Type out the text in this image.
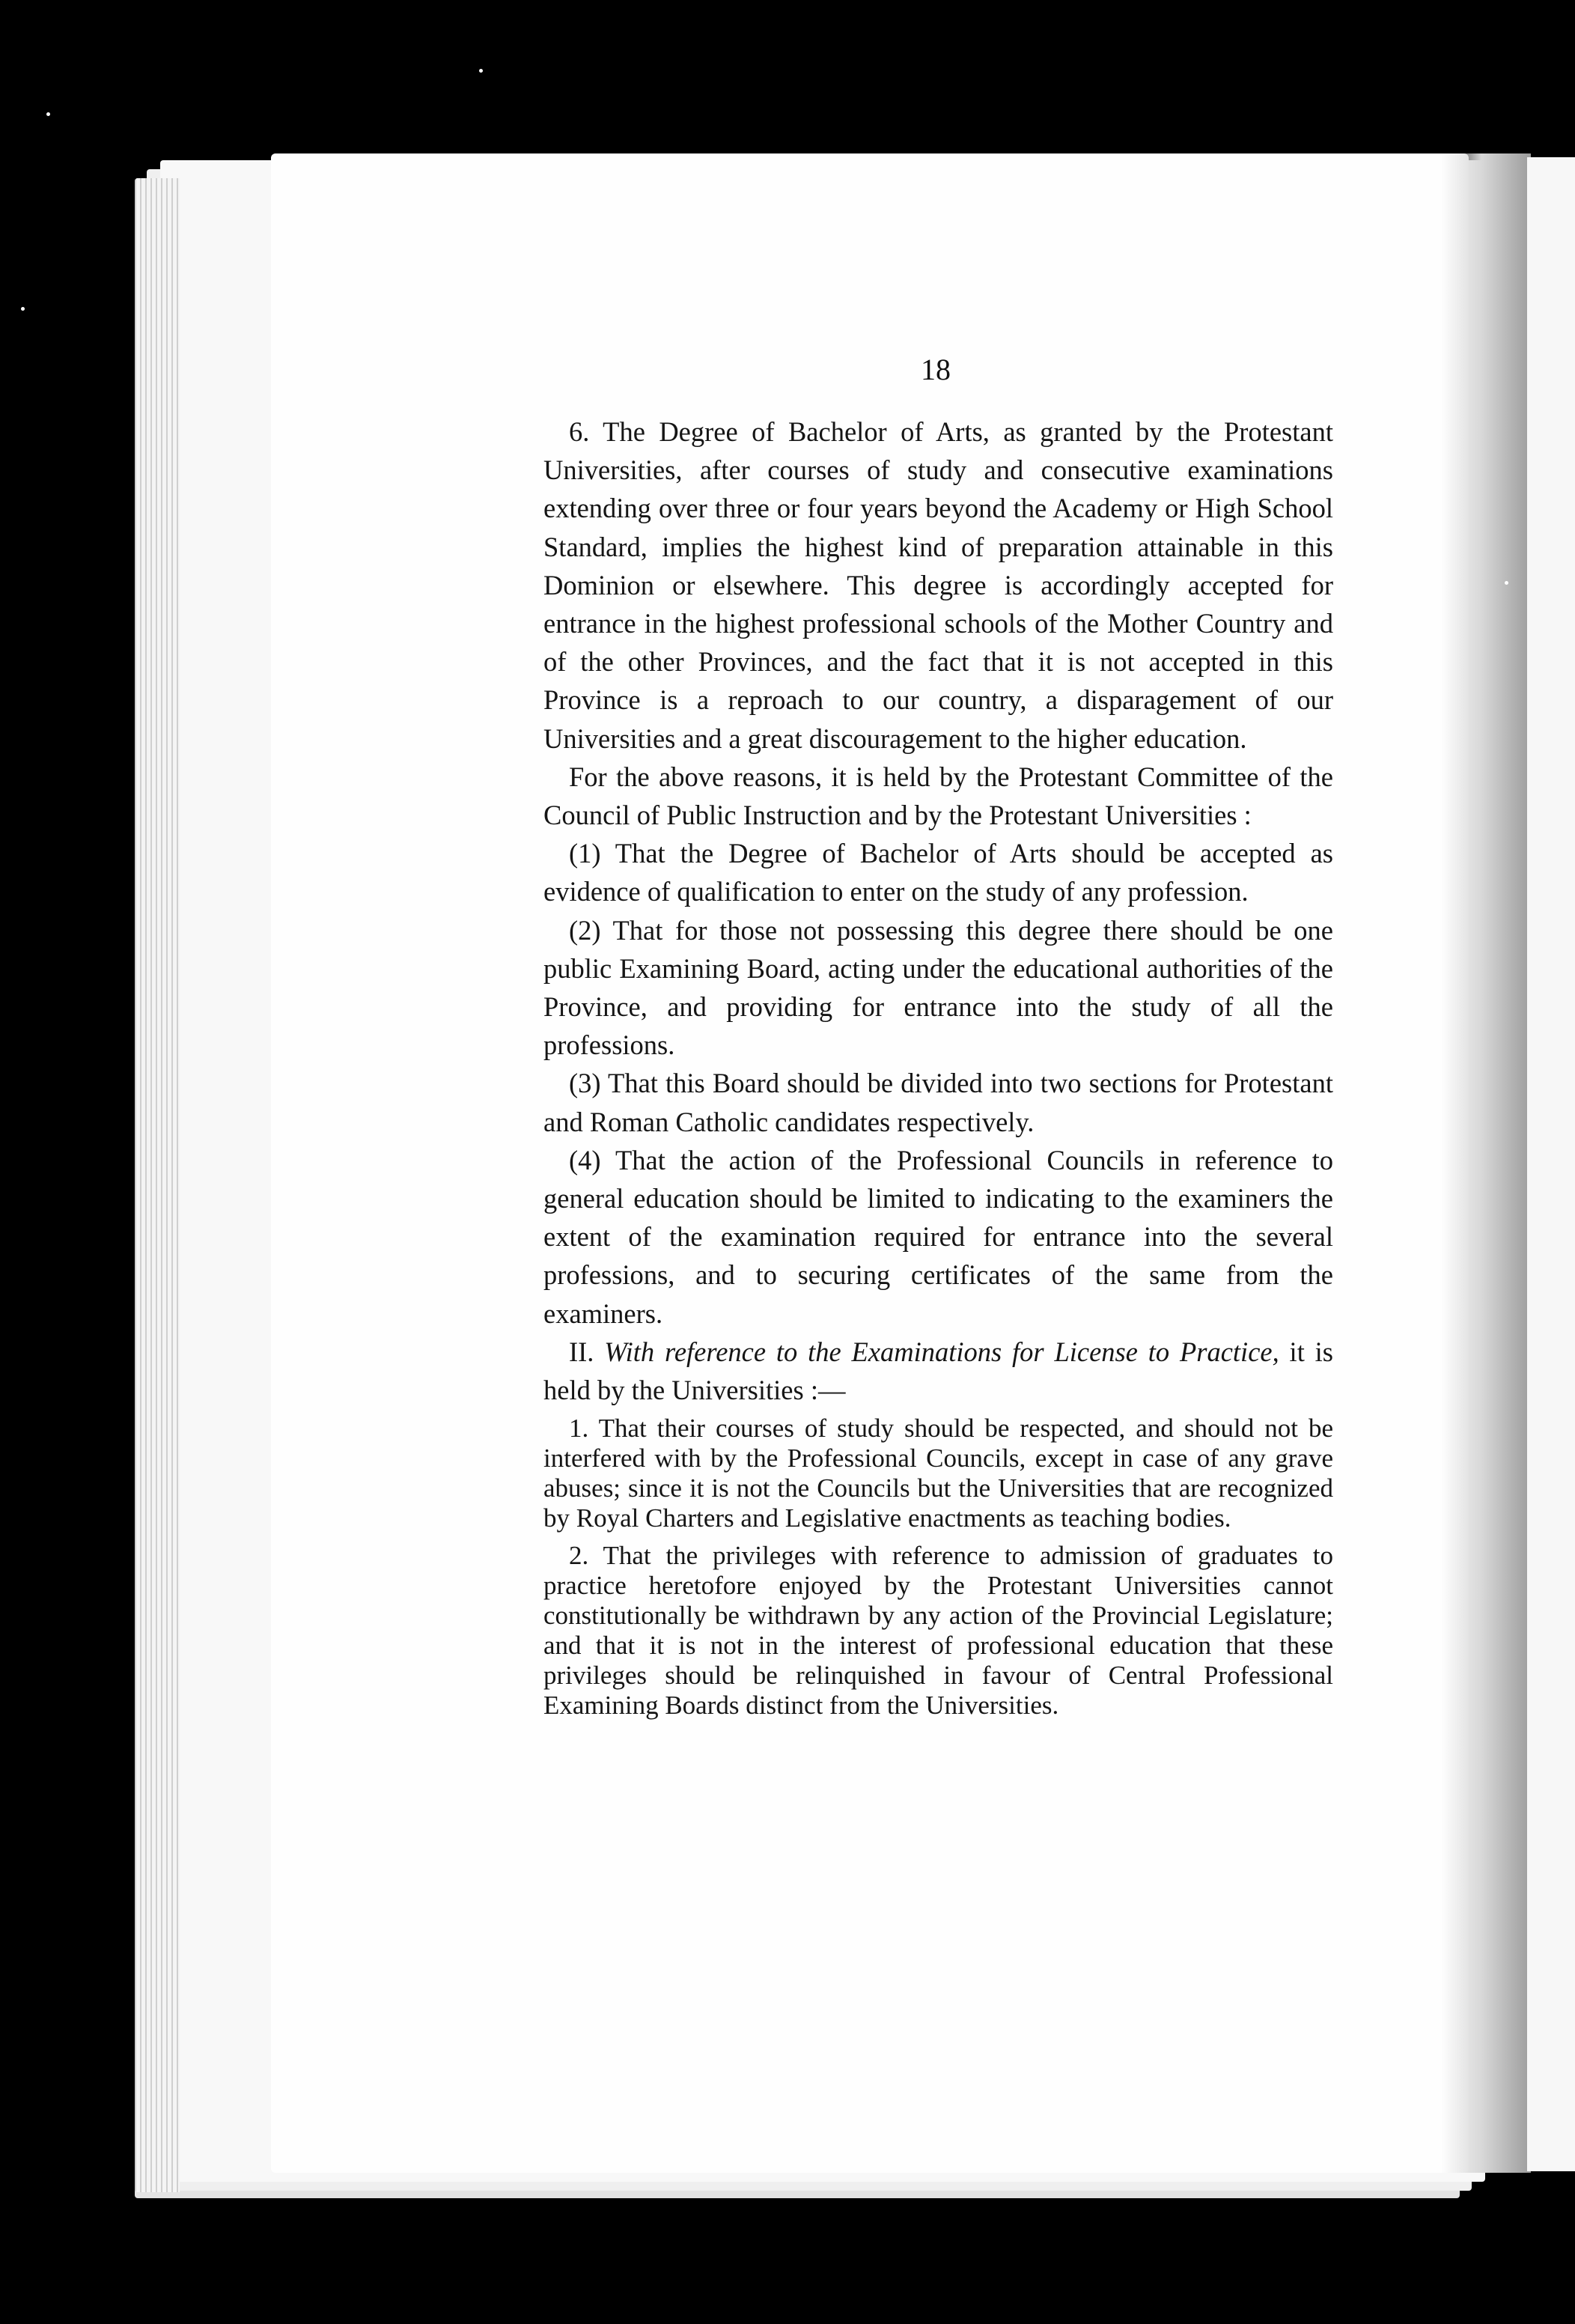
18

6. The Degree of Bachelor of Arts, as granted by the Protestant Universities, after courses of study and consecutive examinations extending over three or four years beyond the Academy or High School Standard, implies the highest kind of preparation attainable in this Dominion or elsewhere. This degree is accordingly accepted for entrance in the highest professional schools of the Mother Country and of the other Provinces, and the fact that it is not accepted in this Province is a reproach to our country, a disparagement of our Universities and a great discouragement to the higher education.

For the above reasons, it is held by the Protestant Committee of the Council of Public Instruction and by the Protestant Universities :

(1) That the Degree of Bachelor of Arts should be accepted as evidence of qualification to enter on the study of any profession.

(2) That for those not possessing this degree there should be one public Examining Board, acting under the educational authorities of the Province, and providing for entrance into the study of all the professions.

(3) That this Board should be divided into two sections for Protestant and Roman Catholic candidates respectively.

(4) That the action of the Professional Councils in reference to general education should be limited to indicating to the examiners the extent of the examination required for entrance into the several professions, and to securing certificates of the same from the examiners.

II. With reference to the Examinations for License to Practice, it is held by the Universities :—

1. That their courses of study should be respected, and should not be interfered with by the Professional Councils, except in case of any grave abuses; since it is not the Councils but the Universities that are recognized by Royal Charters and Legislative enactments as teaching bodies.

2. That the privileges with reference to admission of graduates to practice heretofore enjoyed by the Protestant Universities cannot constitutionally be withdrawn by any action of the Provincial Legislature; and that it is not in the interest of professional education that these privileges should be relinquished in favour of Central Professional Examining Boards distinct from the Universities.
